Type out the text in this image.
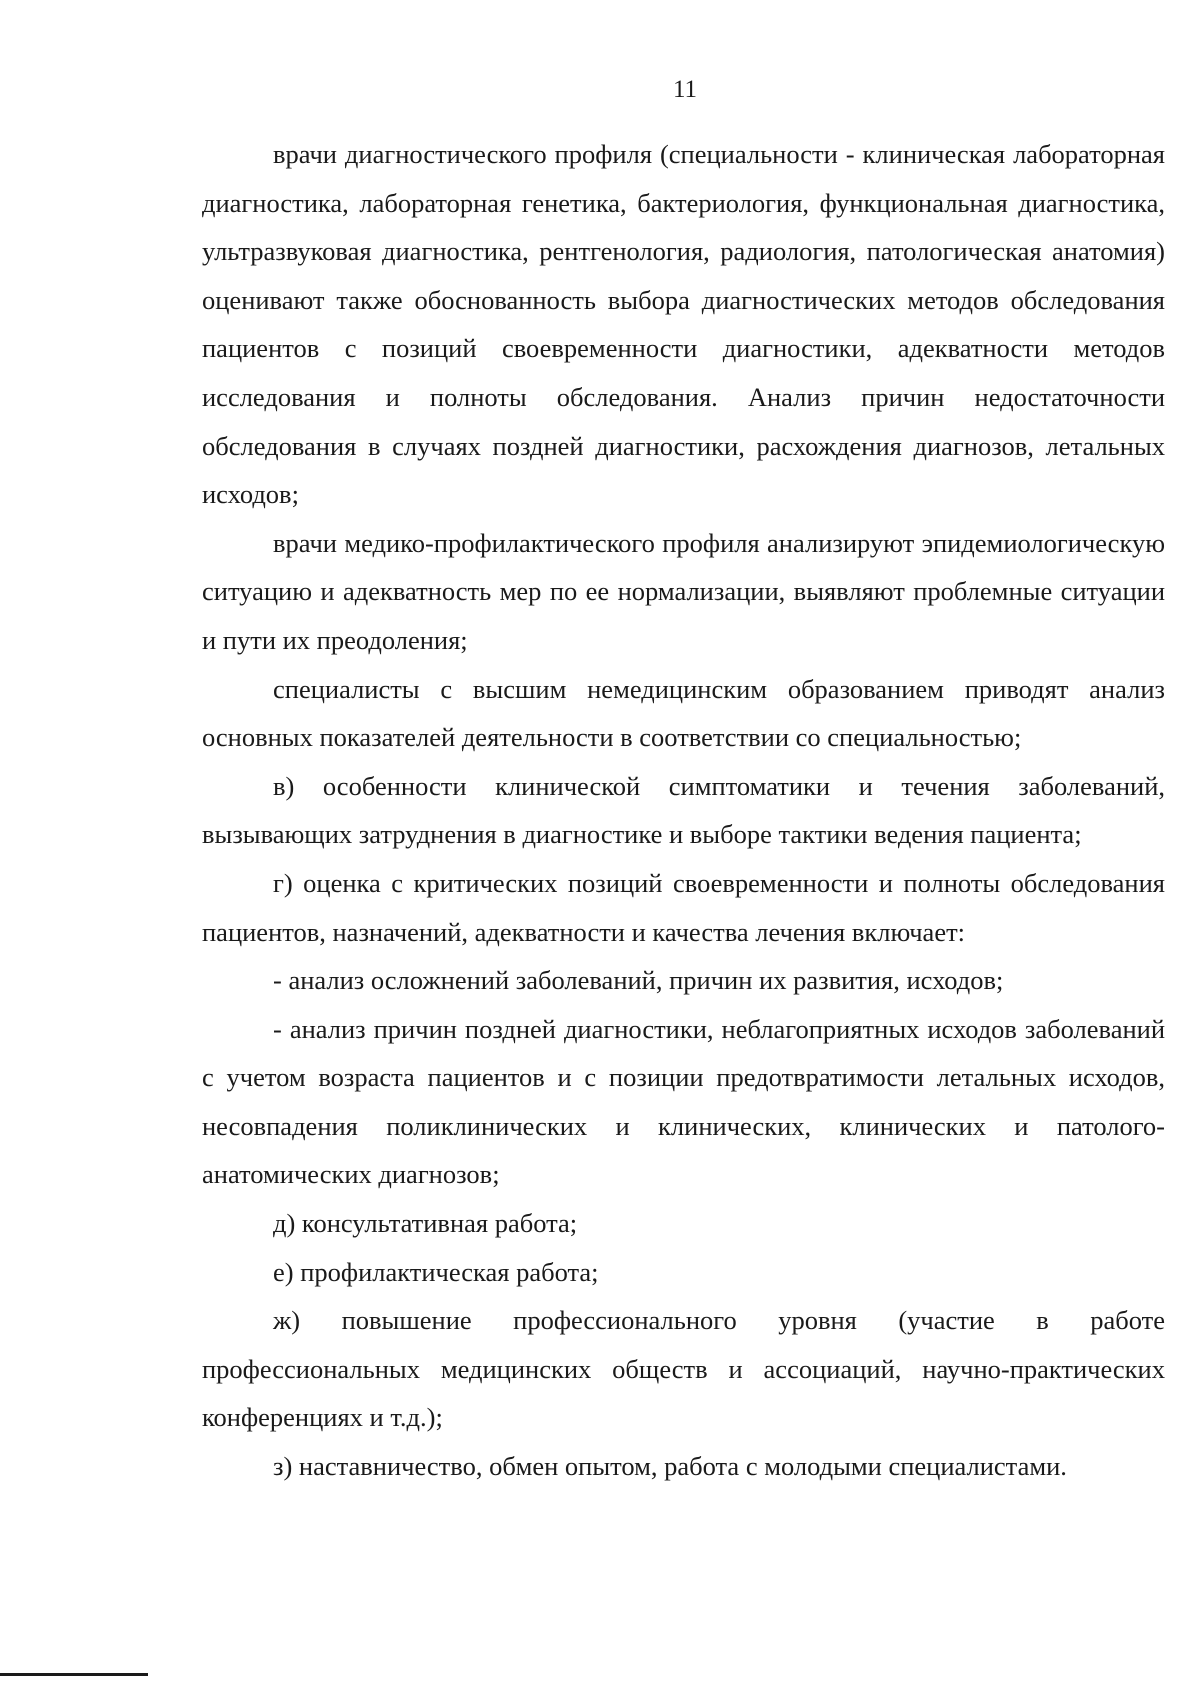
11

врачи диагностического профиля (специальности - клиническая лабораторная диагностика, лабораторная генетика, бактериология, функциональная диагностика, ультразвуковая диагностика, рентгенология, радиология, патологическая анатомия) оценивают также обоснованность выбора диагностических методов обследования пациентов с позиций своевременности диагностики, адекватности методов исследования и полноты обследования. Анализ причин недостаточности обследования в случаях поздней диагностики, расхождения диагнозов, летальных исходов;

врачи медико-профилактического профиля анализируют эпидемиологическую ситуацию и адекватность мер по ее нормализации, выявляют проблемные ситуации и пути их преодоления;

специалисты с высшим немедицинским образованием приводят анализ основных показателей деятельности в соответствии со специальностью;

в) особенности клинической симптоматики и течения заболеваний, вызывающих затруднения в диагностике и выборе тактики ведения пациента;

г) оценка с критических позиций своевременности и полноты обследования пациентов, назначений, адекватности и качества лечения включает:

- анализ осложнений заболеваний, причин их развития, исходов;

- анализ причин поздней диагностики, неблагоприятных исходов заболеваний с учетом возраста пациентов и с позиции предотвратимости летальных исходов, несовпадения поликлинических и клинических, клинических и патолого-анатомических диагнозов;

д) консультативная работа;

е) профилактическая работа;

ж) повышение профессионального уровня (участие в работе профессиональных медицинских обществ и ассоциаций, научно-практических конференциях и т.д.);

з) наставничество, обмен опытом, работа с молодыми специалистами.
